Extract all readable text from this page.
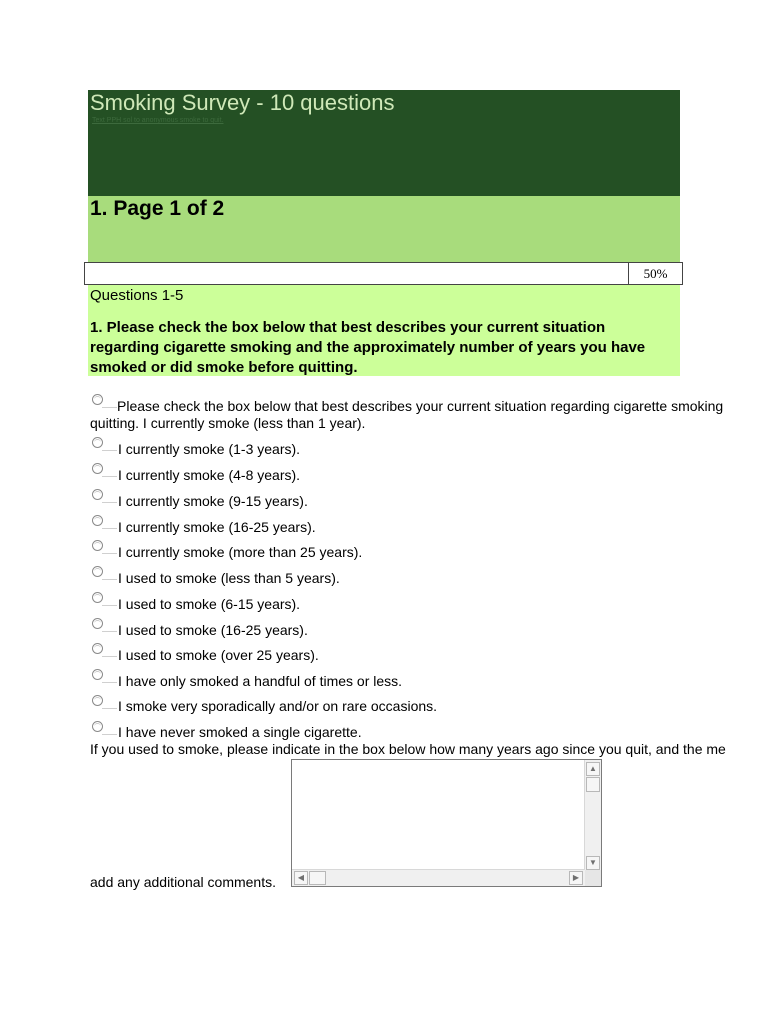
Smoking Survey - 10 questions
Text PPH sol to anonymous smoke to quit.
1. Page 1 of 2
50%
Questions 1-5
1. Please check the box below that best describes your current situation regarding cigarette smoking and the approximately number of years you have smoked or did smoke before quitting.
Please check the box below that best describes your current situation regarding cigarette smoking
quitting. I currently smoke (less than 1 year).
I currently smoke (1-3 years).
I currently smoke (4-8 years).
I currently smoke (9-15 years).
I currently smoke (16-25 years).
I currently smoke (more than 25 years).
I used to smoke (less than 5 years).
I used to smoke (6-15 years).
I used to smoke (16-25 years).
I used to smoke (over 25 years).
I have only smoked a handful of times or less.
I smoke very sporadically and/or on rare occasions.
I have never smoked a single cigarette.
If you used to smoke, please indicate in the box below how many years ago since you quit, and the me
add any additional comments.
▲
▼
◀	▶
